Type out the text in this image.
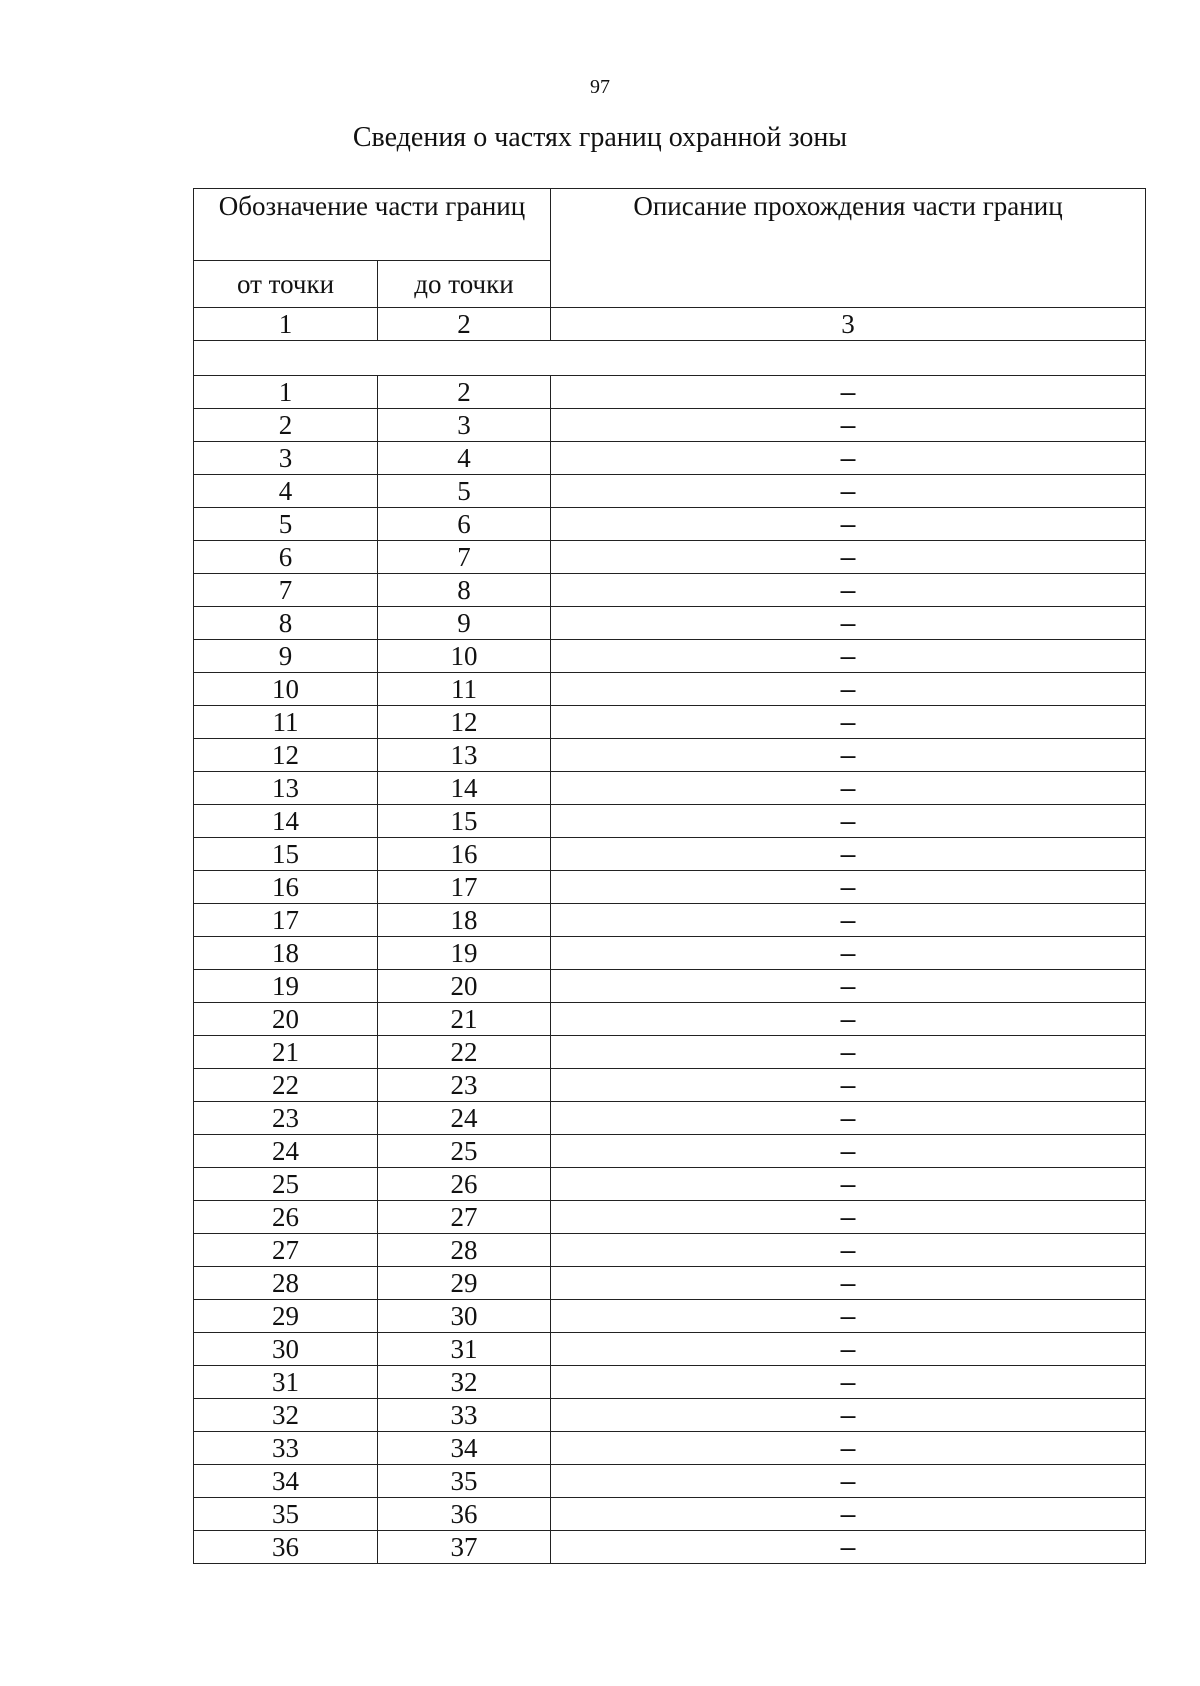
97
Сведения о частях границ охранной зоны
Обозначение части границ		Описание прохождения части границ
от точки	до точки	
1	2	3

1	2	–
2	3	–
3	4	–
4	5	–
5	6	–
6	7	–
7	8	–
8	9	–
9	10	–
10	11	–
11	12	–
12	13	–
13	14	–
14	15	–
15	16	–
16	17	–
17	18	–
18	19	–
19	20	–
20	21	–
21	22	–
22	23	–
23	24	–
24	25	–
25	26	–
26	27	–
27	28	–
28	29	–
29	30	–
30	31	–
31	32	–
32	33	–
33	34	–
34	35	–
35	36	–
36	37	–
